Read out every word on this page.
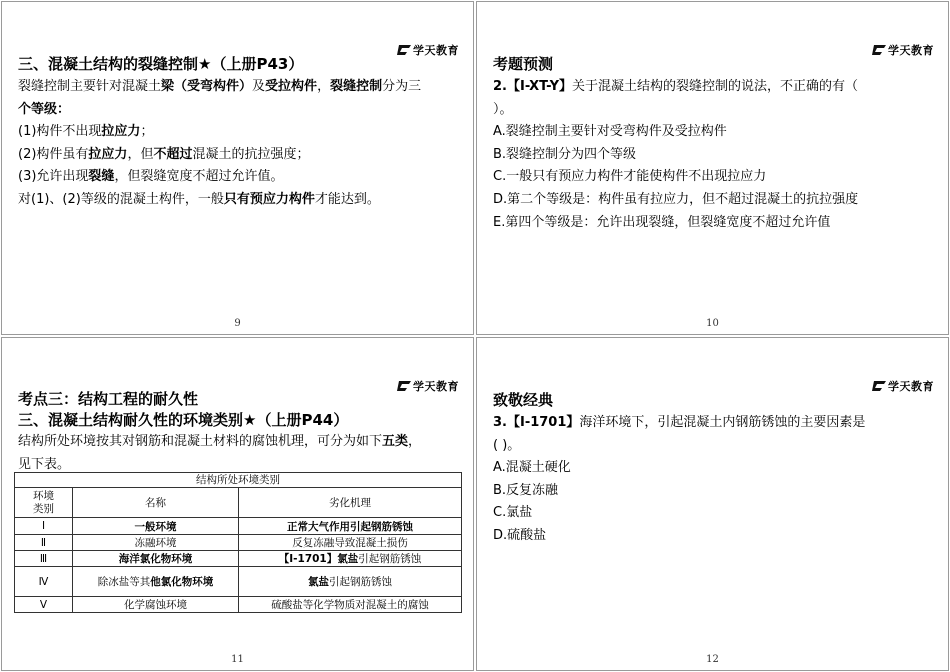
学天教育
三、混凝土结构的裂缝控制★（上册P43）

裂缝控制主要针对混凝土梁（受弯构件）及受拉构件，裂缝控制分为三

个等级：

(1)构件不出现拉应力；

(2)构件虽有拉应力，但不超过混凝土的抗拉强度；

(3)允许出现裂缝，但裂缝宽度不超过允许值。

对(1)、(2)等级的混凝土构件，一般只有预应力构件才能达到。

9
学天教育
考题预测

2.【Ⅰ-XT-Y】关于混凝土结构的裂缝控制的说法，不正确的有（

）。

A.裂缝控制主要针对受弯构件及受拉构件

B.裂缝控制分为四个等级

C.一般只有预应力构件才能使构件不出现拉应力

D.第二个等级是：构件虽有拉应力，但不超过混凝土的抗拉强度

E.第四个等级是：允许出现裂缝，但裂缝宽度不超过允许值

10
学天教育
考点三：结构工程的耐久性
三、混凝土结构耐久性的环境类别★（上册P44）

结构所处环境按其对钢筋和混凝土材料的腐蚀机理，可分为如下五类，

见下表。

结构所处环境类别
环境类别	名称	劣化机理
Ⅰ	一般环境	正常大气作用引起钢筋锈蚀
Ⅱ	冻融环境	反复冻融导致混凝土损伤
Ⅲ	海洋氯化物环境	【Ⅰ-1701】氯盐引起钢筋锈蚀
Ⅳ	除冰盐等其他氯化物环境	氯盐引起钢筋锈蚀
Ⅴ	化学腐蚀环境	硫酸盐等化学物质对混凝土的腐蚀
11
学天教育
致敬经典

3.【Ⅰ-1701】海洋环境下，引起混凝土内钢筋锈蚀的主要因素是

( )。

A.混凝土硬化

B.反复冻融

C.氯盐

D.硫酸盐

12
